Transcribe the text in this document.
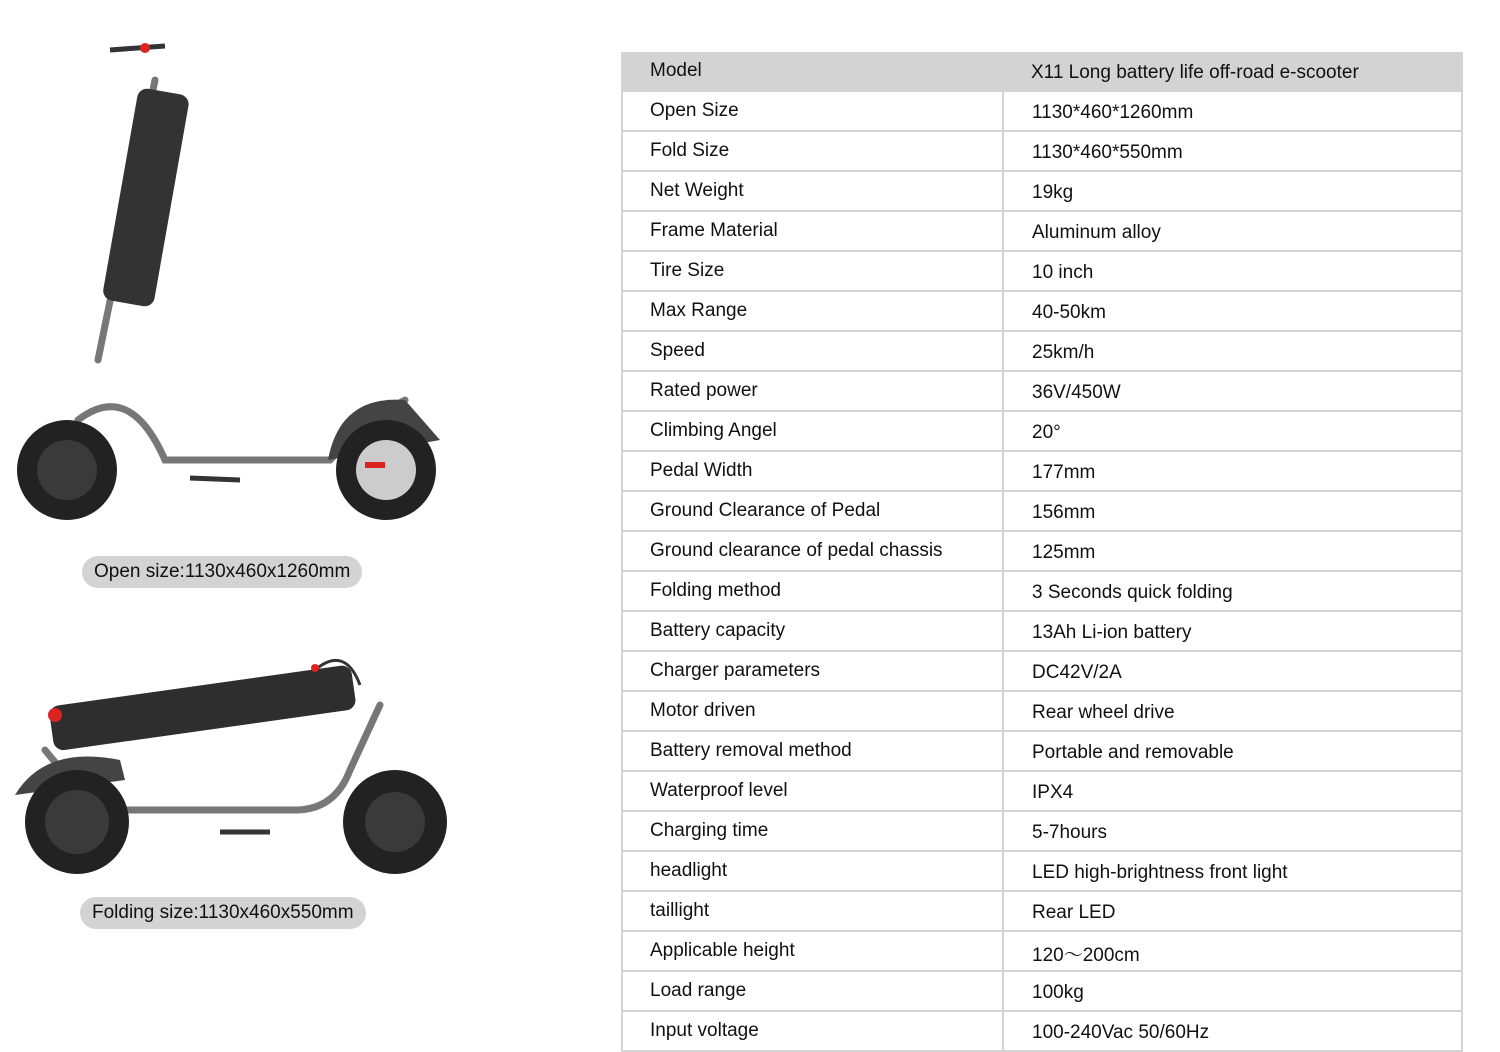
Open size:1130x460x1260mm
Folding size:1130x460x550mm
Model	X11 Long battery life off-road e-scooter
Open Size	1130*460*1260mm
Fold Size	1130*460*550mm
Net Weight	19kg
Frame Material	Aluminum alloy
Tire Size	10 inch
Max Range	40-50km
Speed	25km/h
Rated power	36V/450W
Climbing Angel	20°
Pedal Width	177mm
Ground Clearance of Pedal	156mm
Ground clearance of pedal chassis	125mm
Folding method	3 Seconds quick folding
Battery capacity	13Ah Li-ion battery
Charger parameters	DC42V/2A
Motor driven	Rear wheel drive
Battery removal method	Portable and removable
Waterproof level	IPX4
Charging time	5-7hours
headlight	LED high-brightness front light
taillight	Rear LED
Applicable height	120～200cm
Load range	100kg
Input voltage	100-240Vac 50/60Hz
